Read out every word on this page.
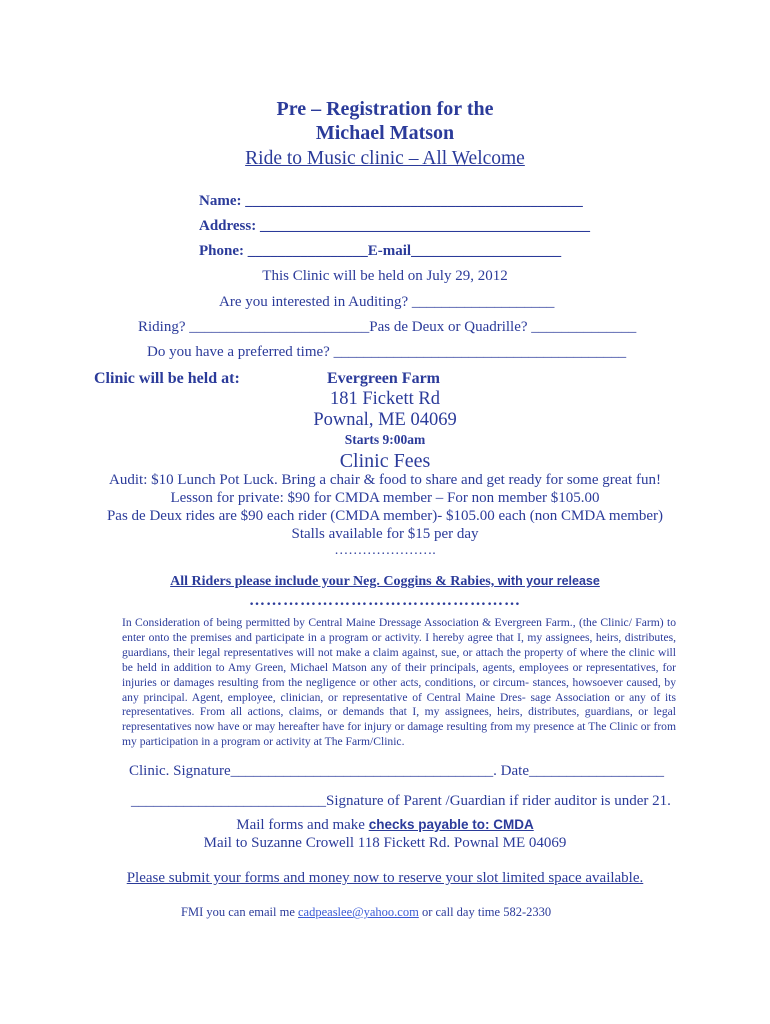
Pre – Registration for the
Michael Matson
Ride to Music clinic – All Welcome
Name: _____________________________________________
Address: ____________________________________________
Phone: ________________E-mail____________________
This Clinic will be held on July 29, 2012
Are you interested in Auditing? ___________________
Riding? ________________________Pas de Deux or Quadrille? ______________
Do you have a preferred time? _______________________________________
Clinic will be held at:	Evergreen Farm
181 Fickett Rd
Pownal, ME 04069
Starts 9:00am
Clinic Fees
Audit: $10 Lunch Pot Luck. Bring a chair & food to share and get ready for some great fun!
Lesson for private: $90 for CMDA member – For non member $105.00
Pas de Deux rides are $90 each rider (CMDA member)- $105.00 each (non CMDA member)
Stalls available for $15 per day
………………….
All Riders please include your Neg. Coggins & Rabies, with your release
…………………………………………
In Consideration of being permitted by Central Maine Dressage Association & Evergreen Farm., (the Clinic/ Farm) to enter onto the premises and participate in a program or activity. I hereby agree that I, my assignees, heirs, distributes, guardians, their legal representatives will not make a claim against, sue, or attach the property of where the clinic will be held in addition to Amy Green, Michael Matson any of their principals, agents, employees or representatives, for injuries or damages resulting from the negligence or other acts, conditions, or circum- stances, howsoever caused, by any principal. Agent, employee, clinician, or representative of Central Maine Dres- sage Association or any of its representatives. From all actions, claims, or demands that I, my assignees, heirs, distributes, guardians, or legal representatives now have or may hereafter have for injury or damage resulting from my presence at The Clinic or from my participation in a program or activity at The Farm/Clinic.
Clinic. Signature___________________________________. Date__________________
__________________________Signature of Parent /Guardian if rider auditor is under 21.
Mail forms and make checks payable to: CMDA
Mail to Suzanne Crowell 118 Fickett Rd. Pownal ME 04069
Please submit your forms and money now to reserve your slot limited space available.
FMI you can email me cadpeaslee@yahoo.com or call day time 582-2330
